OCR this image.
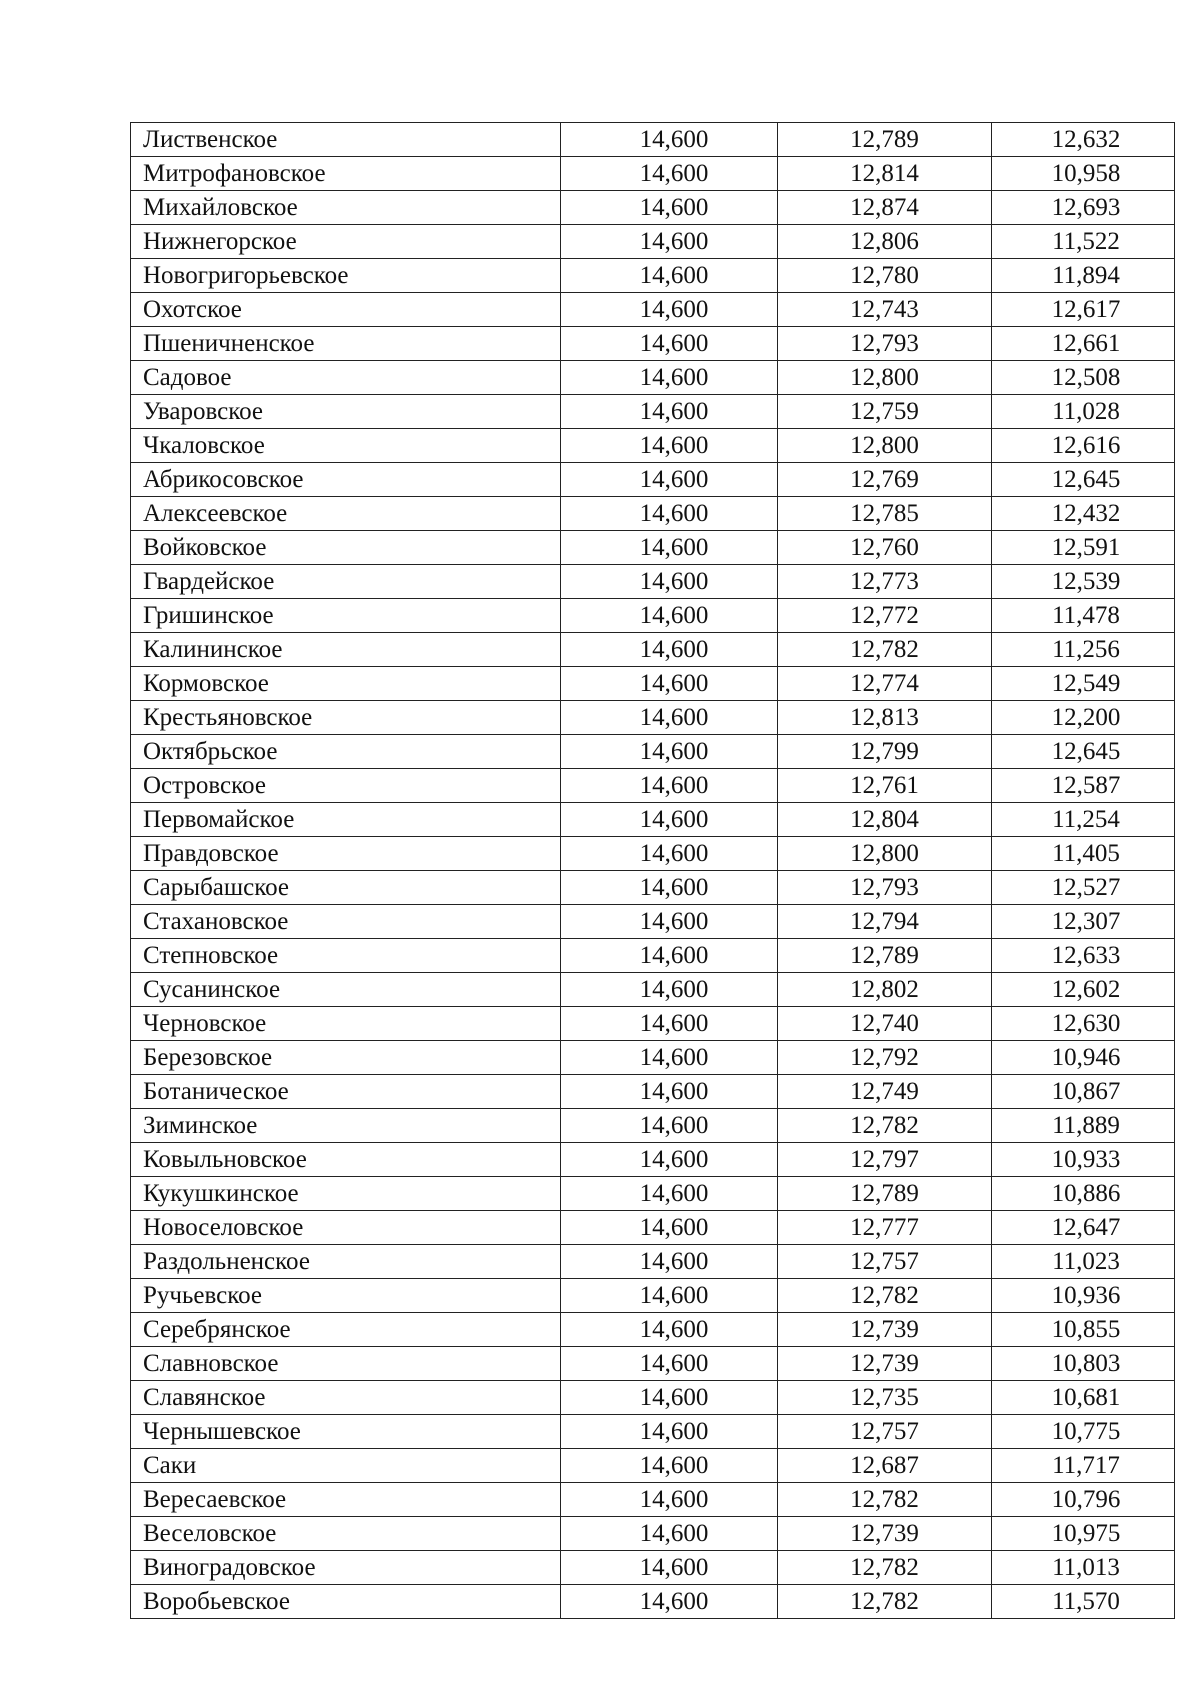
Лиственское	14,600	12,789	12,632
Митрофановское	14,600	12,814	10,958
Михайловское	14,600	12,874	12,693
Нижнегорское	14,600	12,806	11,522
Новогригорьевское	14,600	12,780	11,894
Охотское	14,600	12,743	12,617
Пшеничненское	14,600	12,793	12,661
Садовое	14,600	12,800	12,508
Уваровское	14,600	12,759	11,028
Чкаловское	14,600	12,800	12,616
Абрикосовское	14,600	12,769	12,645
Алексеевское	14,600	12,785	12,432
Войковское	14,600	12,760	12,591
Гвардейское	14,600	12,773	12,539
Гришинское	14,600	12,772	11,478
Калининское	14,600	12,782	11,256
Кормовское	14,600	12,774	12,549
Крестьяновское	14,600	12,813	12,200
Октябрьское	14,600	12,799	12,645
Островское	14,600	12,761	12,587
Первомайское	14,600	12,804	11,254
Правдовское	14,600	12,800	11,405
Сарыбашское	14,600	12,793	12,527
Стахановское	14,600	12,794	12,307
Степновское	14,600	12,789	12,633
Сусанинское	14,600	12,802	12,602
Черновское	14,600	12,740	12,630
Березовское	14,600	12,792	10,946
Ботаническое	14,600	12,749	10,867
Зиминское	14,600	12,782	11,889
Ковыльновское	14,600	12,797	10,933
Кукушкинское	14,600	12,789	10,886
Новоселовское	14,600	12,777	12,647
Раздольненское	14,600	12,757	11,023
Ручьевское	14,600	12,782	10,936
Серебрянское	14,600	12,739	10,855
Славновское	14,600	12,739	10,803
Славянское	14,600	12,735	10,681
Чернышевское	14,600	12,757	10,775
Саки	14,600	12,687	11,717
Вересаевское	14,600	12,782	10,796
Веселовское	14,600	12,739	10,975
Виноградовское	14,600	12,782	11,013
Воробьевское	14,600	12,782	11,570
